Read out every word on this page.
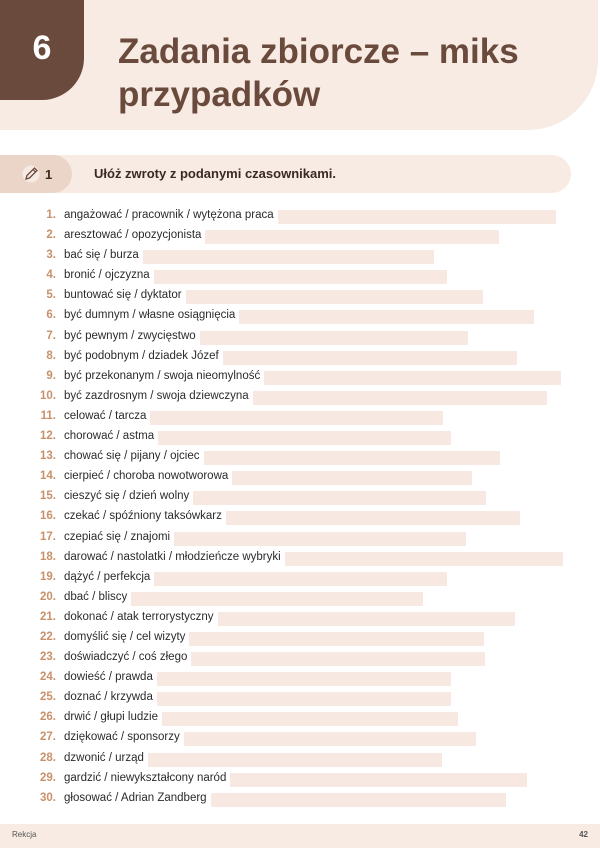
6 Zadania zbiorcze – miks przypadków
1	Ułóż zwroty z podanymi czasownikami.
1. angażować / pracownik / wytężona praca
2. aresztować / opozycjonista
3. bać się / burza
4. bronić / ojczyzna
5. buntować się / dyktator
6. być dumnym / własne osiągnięcia
7. być pewnym / zwycięstwo
8. być podobnym / dziadek Józef
9. być przekonanym / swoja nieomylność
10. być zazdrosnym / swoja dziewczyna
11. celować / tarcza
12. chorować / astma
13. chować się / pijany / ojciec
14. cierpieć / choroba nowotworowa
15. cieszyć się / dzień wolny
16. czekać / spóźniony taksówkarz
17. czepiać się / znajomi
18. darować / nastolatki / młodzieńcze wybryki
19. dążyć / perfekcja
20. dbać / bliscy
21. dokonać / atak terrorystyczny
22. domyślić się / cel wizyty
23. doświadczyć / coś złego
24. dowieść / prawda
25. doznać / krzywda
26. drwić / głupi ludzie
27. dziękować / sponsorzy
28. dzwonić / urząd
29. gardzić / niewykształcony naród
30. głosować / Adrian Zandberg
Rekcja	42
